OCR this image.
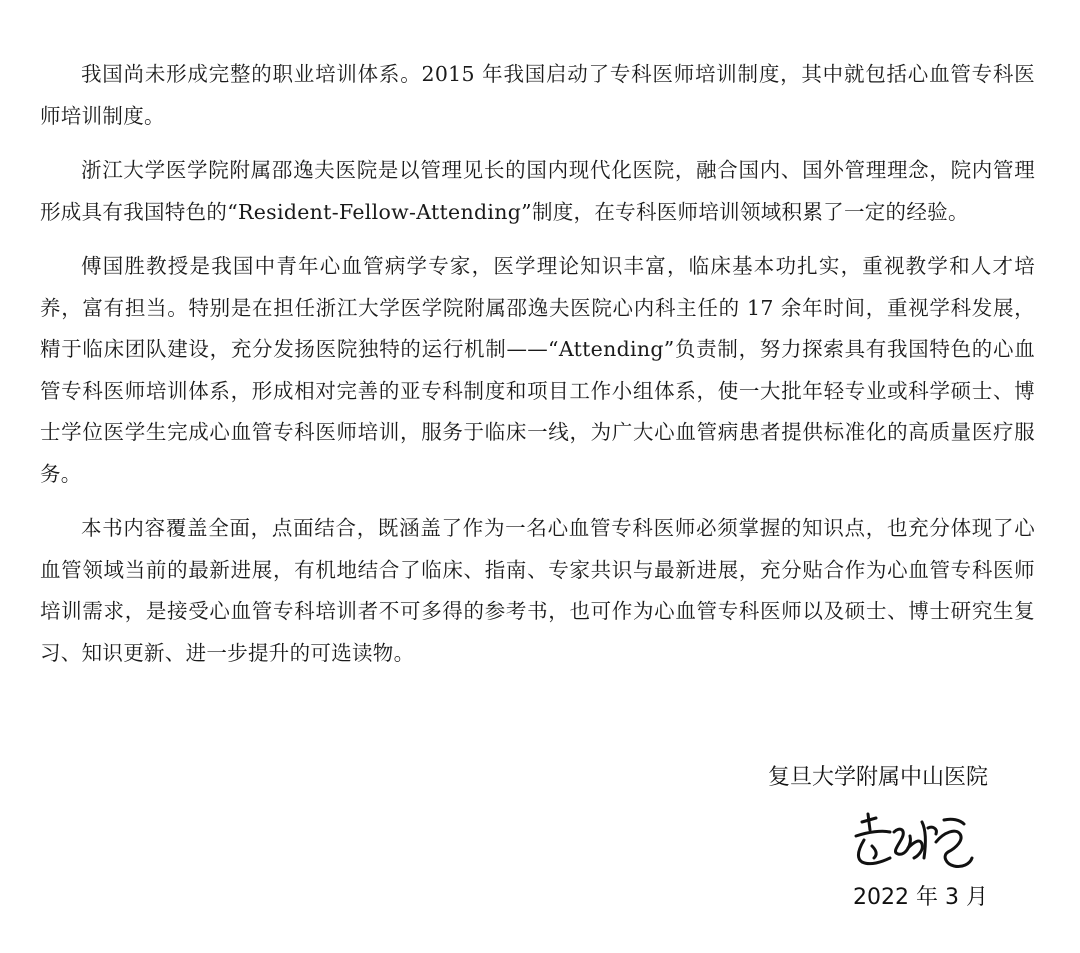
我国尚未形成完整的职业培训体系。2015 年我国启动了专科医师培训制度，其中就包括心血管专科医师培训制度。

浙江大学医学院附属邵逸夫医院是以管理见长的国内现代化医院，融合国内、国外管理理念，院内管理形成具有我国特色的“Resident-Fellow-Attending”制度，在专科医师培训领域积累了一定的经验。

傅国胜教授是我国中青年心血管病学专家，医学理论知识丰富，临床基本功扎实，重视教学和人才培养，富有担当。特别是在担任浙江大学医学院附属邵逸夫医院心内科主任的 17 余年时间，重视学科发展，精于临床团队建设，充分发扬医院独特的运行机制——“Attending”负责制，努力探索具有我国特色的心血管专科医师培训体系，形成相对完善的亚专科制度和项目工作小组体系，使一大批年轻专业或科学硕士、博士学位医学生完成心血管专科医师培训，服务于临床一线，为广大心血管病患者提供标准化的高质量医疗服务。

本书内容覆盖全面，点面结合，既涵盖了作为一名心血管专科医师必须掌握的知识点，也充分体现了心血管领域当前的最新进展，有机地结合了临床、指南、专家共识与最新进展，充分贴合作为心血管专科医师培训需求，是接受心血管专科培训者不可多得的参考书，也可作为心血管专科医师以及硕士、博士研究生复习、知识更新、进一步提升的可选读物。

复旦大学附属中山医院
2022 年 3 月
